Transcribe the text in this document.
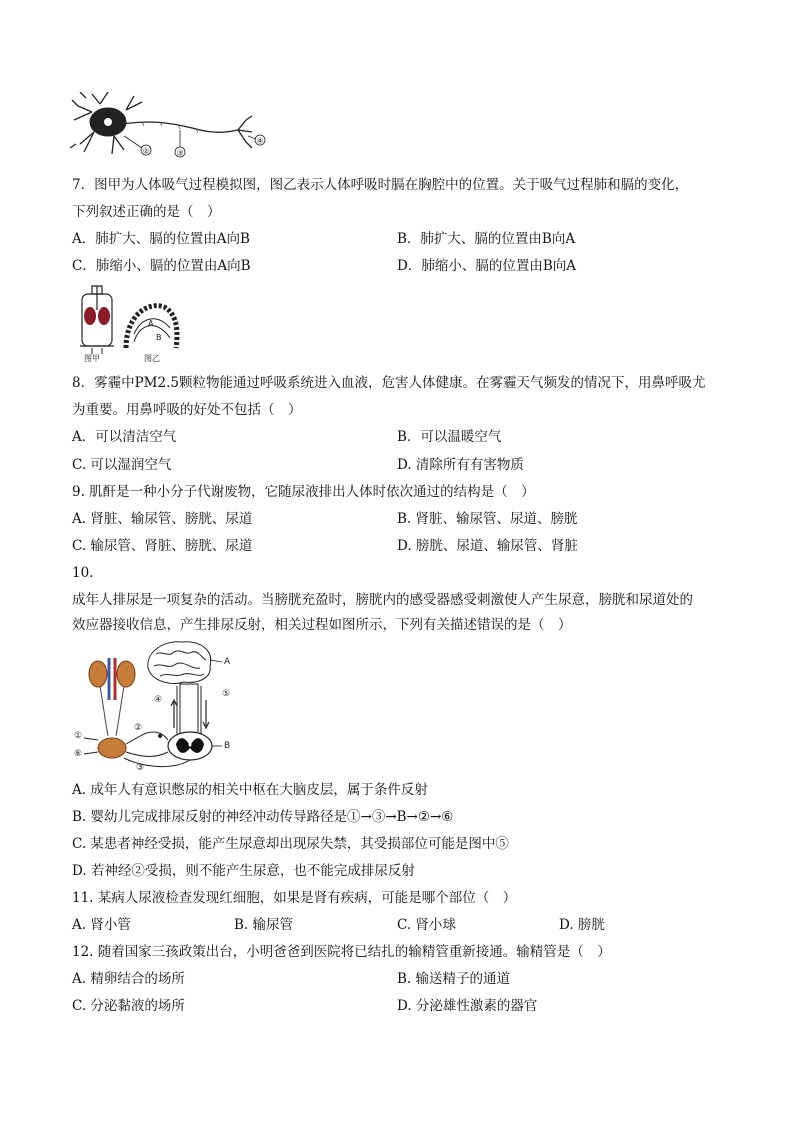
②	③
④
7．图甲为人体吸气过程模拟图，图乙表示人体呼吸时膈在胸腔中的位置。关于吸气过程肺和膈的变化，
下列叙述正确的是（　）
A．肺扩大、膈的位置由A向B	B．肺扩大、膈的位置由B向A
C．肺缩小、膈的位置由A向B	D．肺缩小、膈的位置由B向A
图甲	图乙
A
B
8．雾霾中PM2.5颗粒物能通过呼吸系统进入血液，危害人体健康。在雾霾天气频发的情况下，用鼻呼吸尤
为重要。用鼻呼吸的好处不包括（　）
A．可以清洁空气	B．可以温暖空气
C. 可以湿润空气	D. 清除所有有害物质
9. 肌酐是一种小分子代谢废物，它随尿液排出人体时依次通过的结构是（　）
A. 肾脏、输尿管、膀胱、尿道	B. 肾脏、输尿管、尿道、膀胱
C. 输尿管、肾脏、膀胱、尿道	D. 膀胱、尿道、输尿管、肾脏
10.
成年人排尿是一项复杂的活动。当膀胱充盈时，膀胱内的感受器感受刺激使人产生尿意，膀胱和尿道处的
效应器接收信息，产生排尿反射，相关过程如图所示，下列有关描述错误的是（　）
A
B
①
②
③
④
⑤
⑥
A. 成年人有意识憋尿的相关中枢在大脑皮层，属于条件反射
B. 婴幼儿完成排尿反射的神经冲动传导路径是①→③→B→②→⑥
C. 某患者神经受损，能产生尿意却出现尿失禁，其受损部位可能是图中⑤
D. 若神经②受损，则不能产生尿意，也不能完成排尿反射
11. 某病人尿液检查发现红细胞，如果是肾有疾病，可能是哪个部位（　）
A. 肾小管	B. 输尿管	C. 肾小球	D. 膀胱
12. 随着国家三孩政策出台，小明爸爸到医院将已结扎的输精管重新接通。输精管是（　）
A. 精卵结合的场所	B. 输送精子的通道
C. 分泌黏液的场所	D. 分泌雄性激素的器官
